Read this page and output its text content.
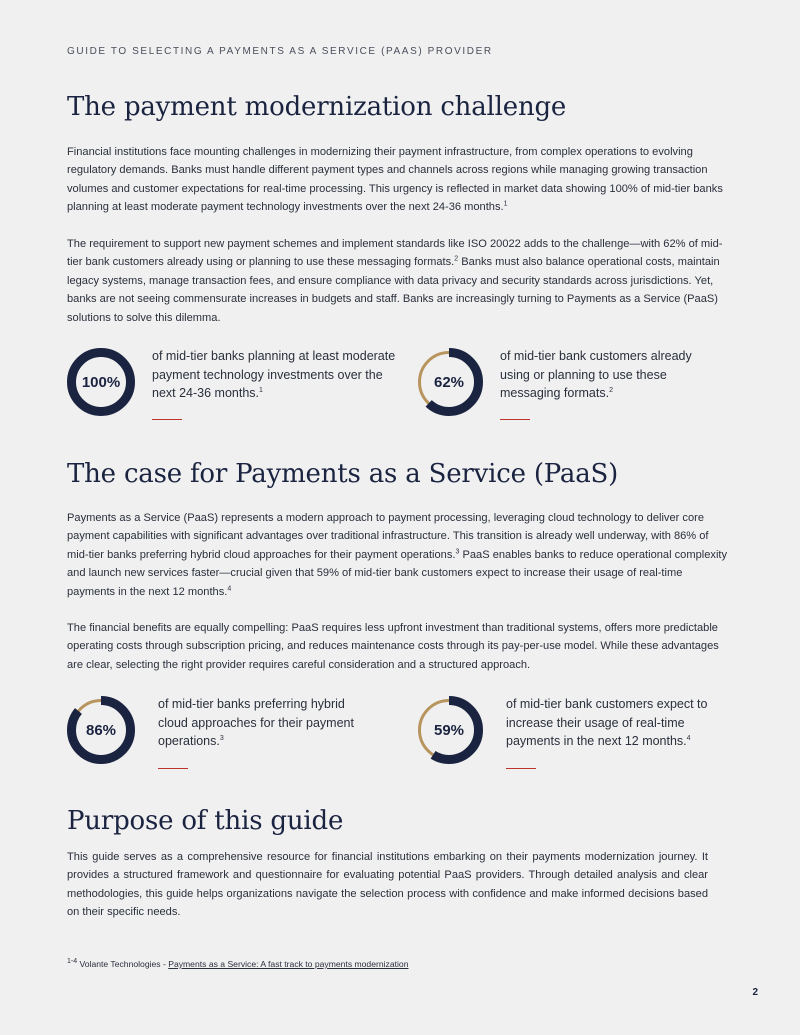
GUIDE TO SELECTING A PAYMENTS AS A SERVICE (PAAS) PROVIDER
The payment modernization challenge

Financial institutions face mounting challenges in modernizing their payment infrastructure, from complex operations to evolving regulatory demands. Banks must handle different payment types and channels across regions while managing growing transaction volumes and customer expectations for real-time processing. This urgency is reflected in market data showing 100% of mid-tier banks planning at least moderate payment technology investments over the next 24-36 months.$^1$

The requirement to support new payment schemes and implement standards like ISO 20022 adds to the challenge—with 62% of mid-tier bank customers already using or planning to use these messaging formats.$^2$ Banks must also balance operational costs, maintain legacy systems, manage transaction fees, and ensure compliance with data privacy and security standards across jurisdictions. Yet, banks are not seeing commensurate increases in budgets and staff. Banks are increasingly turning to Payments as a Service (PaaS) solutions to solve this dilemma.

100%

of mid-tier banks planning at least moderate payment technology investments over the next 24-36 months.$^1$	62%

of mid-tier bank customers already using or planning to use these messaging formats.$^2$

The case for Payments as a Service (PaaS)

Payments as a Service (PaaS) represents a modern approach to payment processing, leveraging cloud technology to deliver core payment capabilities with significant advantages over traditional infrastructure. This transition is already well underway, with 86% of mid-tier banks preferring hybrid cloud approaches for their payment operations.$^3$ PaaS enables banks to reduce operational complexity and launch new services faster—crucial given that 59% of mid-tier bank customers expect to increase their usage of real-time payments in the next 12 months.$^4$

The financial benefits are equally compelling: PaaS requires less upfront investment than traditional systems, offers more predictable operating costs through subscription pricing, and reduces maintenance costs through its pay-per-use model. While these advantages are clear, selecting the right provider requires careful consideration and a structured approach.

86%

of mid-tier banks preferring hybrid cloud approaches for their payment operations.$^3$	59%

of mid-tier bank customers expect to increase their usage of real-time payments in the next 12 months.$^4$

Purpose of this guide

This guide serves as a comprehensive resource for financial institutions embarking on their payments modernization journey. It provides a structured framework and questionnaire for evaluating potential PaaS providers. Through detailed analysis and clear methodologies, this guide helps organizations navigate the selection process with confidence and make informed decisions based on their specific needs.

$^{1-4}$ Volante Technologies - Payments as a Service: A fast track to payments modernization
2
